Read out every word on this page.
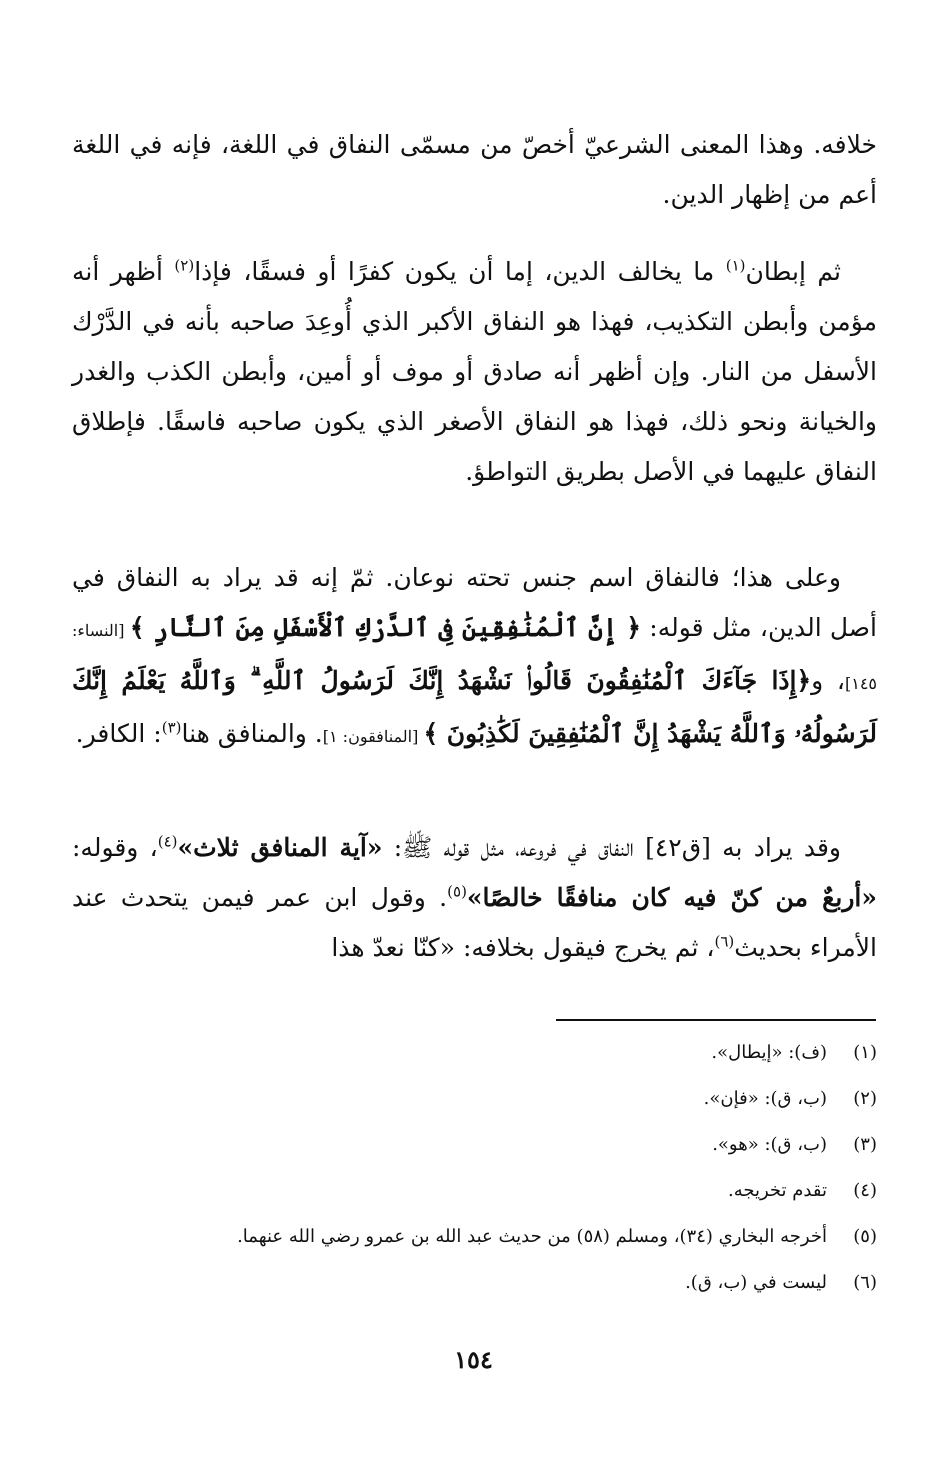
خلافه. وهذا المعنى الشرعيّ أخصّ من مسمّى النفاق في اللغة، فإنه في اللغة أعم من إظهار الدين.

ثم إبطان$^{(١)}$ ما يخالف الدين، إما أن يكون كفرًا أو فسقًا، فإذا$^{(٢)}$ أظهر أنه مؤمن وأبطن التكذيب، فهذا هو النفاق الأكبر الذي أُوعِدَ صاحبه بأنه في الدَّرْك الأسفل من النار. وإن أظهر أنه صادق أو موف أو أمين، وأبطن الكذب والغدر والخيانة ونحو ذلك، فهذا هو النفاق الأصغر الذي يكون صاحبه فاسقًا. فإطلاق النفاق عليهما في الأصل بطريق التواطؤ.

وعلى هذا؛ فالنفاق اسم جنس تحته نوعان. ثمّ إنه قد يراد به النفاق في أصل الدين، مثل قوله: ﴿ إِنَّ ٱلْمُنَٰفِقِينَ فِى ٱلدَّرْكِ ٱلْأَسْفَلِ مِنَ ٱلنَّارِ ﴾ [النساء: ١٤٥]، و﴿إِذَا جَآءَكَ ٱلْمُنَٰفِقُونَ قَالُوا۟ نَشْهَدُ إِنَّكَ لَرَسُولُ ٱللَّهِ ۗ وَٱللَّهُ يَعْلَمُ إِنَّكَ لَرَسُولُهُۥ وَٱللَّهُ يَشْهَدُ إِنَّ ٱلْمُنَٰفِقِينَ لَكَٰذِبُونَ ﴾ [المنافقون: ١]. والمنافق هنا$^{(٣)}$: الكافر.

وقد يراد به [ق٤٢] النفاق في فروعه، مثل قوله ﷺ: «آية المنافق ثلاث»$^{(٤)}$، وقوله: «أربعٌ من كنّ فيه كان منافقًا خالصًا»$^{(٥)}$. وقول ابن عمر فيمن يتحدث عند الأمراء بحديث$^{(٦)}$، ثم يخرج فيقول بخلافه: «كنّا نعدّ هذا

(١)(ف): «إيطال».
(٢)(ب، ق): «فإن».
(٣)(ب، ق): «هو».
(٤)تقدم تخريجه.
(٥)أخرجه البخاري (٣٤)، ومسلم (٥٨) من حديث عبد الله بن عمرو رضي الله عنهما.
(٦)ليست في (ب، ق).
١٥٤
